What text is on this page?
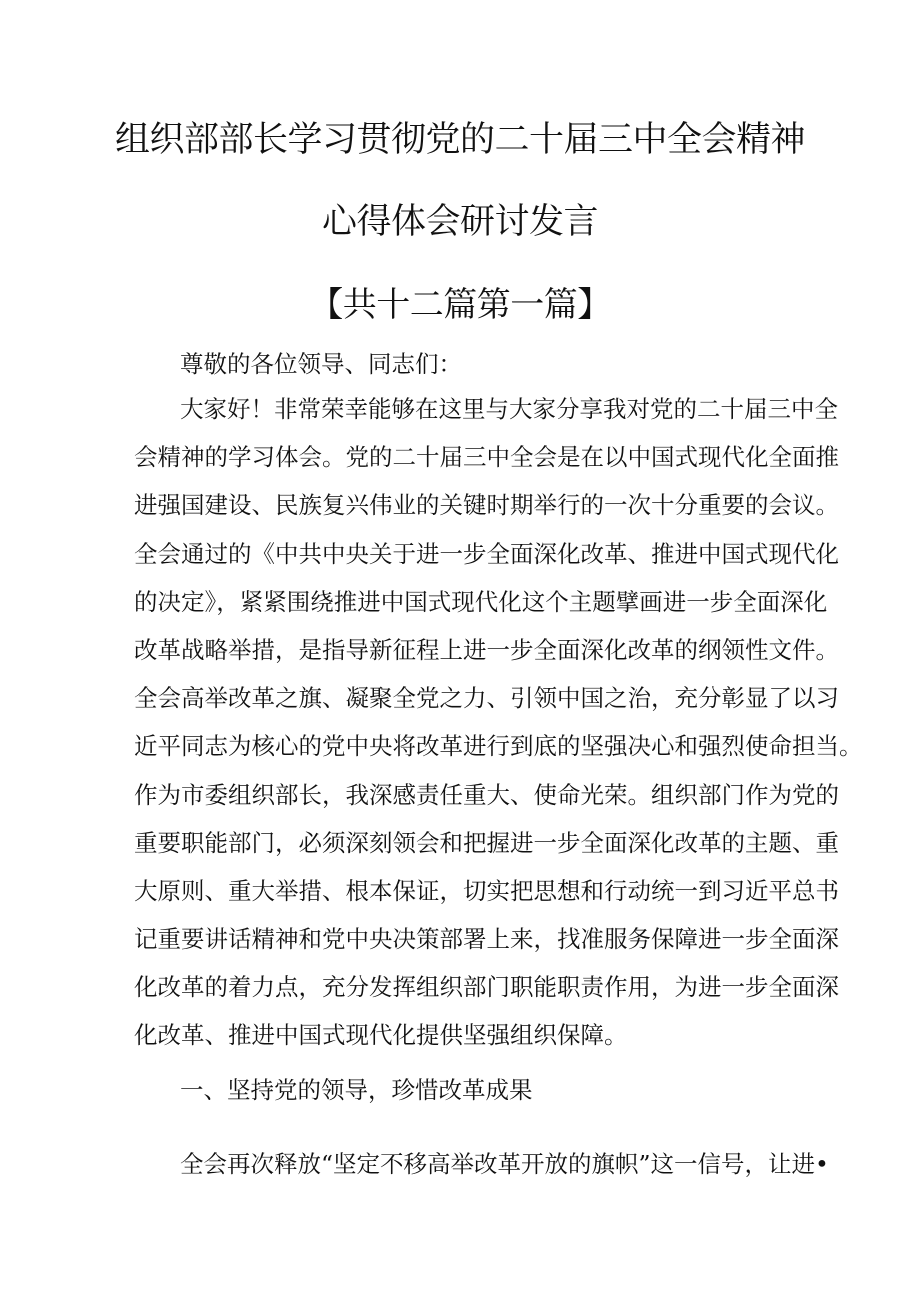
组织部部长学习贯彻党的二十届三中全会精神
心得体会研讨发言
【共十二篇第一篇】
尊敬的各位领导、同志们：
大家好！非常荣幸能够在这里与大家分享我对党的二十届三中全
会精神的学习体会。党的二十届三中全会是在以中国式现代化全面推
进强国建设、民族复兴伟业的关键时期举行的一次十分重要的会议。
全会通过的《中共中央关于进一步全面深化改革、推进中国式现代化
的决定》，紧紧围绕推进中国式现代化这个主题擘画进一步全面深化
改革战略举措，是指导新征程上进一步全面深化改革的纲领性文件。
全会高举改革之旗、凝聚全党之力、引领中国之治，充分彰显了以习
近平同志为核心的党中央将改革进行到底的坚强决心和强烈使命担当。
作为市委组织部长，我深感责任重大、使命光荣。组织部门作为党的
重要职能部门，必须深刻领会和把握进一步全面深化改革的主题、重
大原则、重大举措、根本保证，切实把思想和行动统一到习近平总书
记重要讲话精神和党中央决策部署上来，找准服务保障进一步全面深
化改革的着力点，充分发挥组织部门职能职责作用，为进一步全面深
化改革、推进中国式现代化提供坚强组织保障。
一、坚持党的领导，珍惜改革成果
全会再次释放“坚定不移高举改革开放的旗帜”这一信号，让进•
